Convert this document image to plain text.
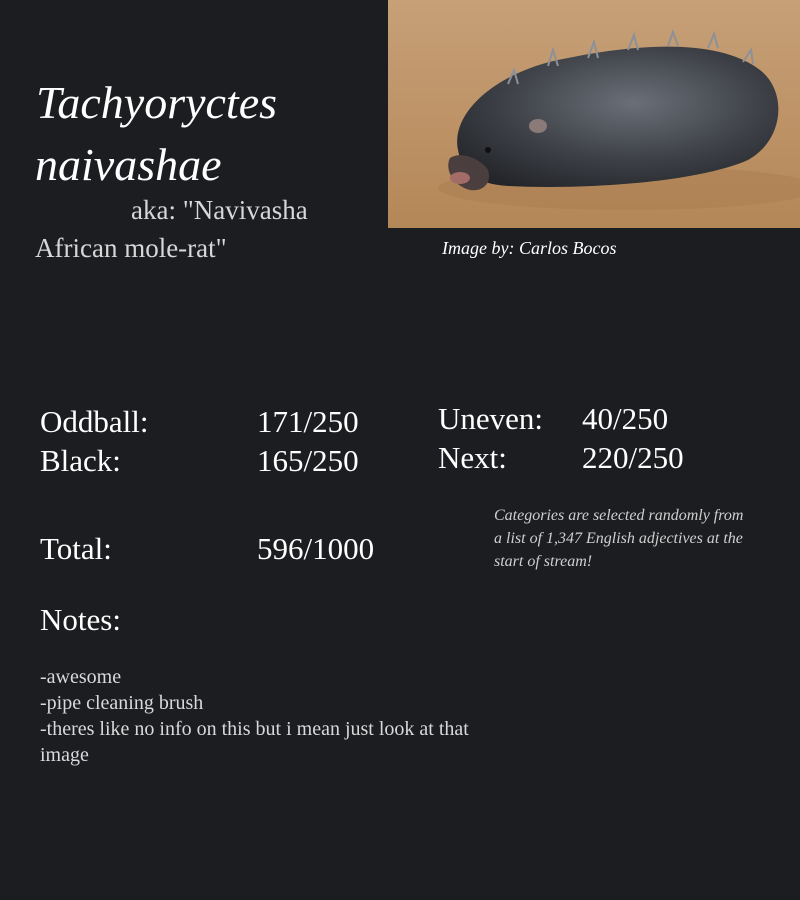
Tachyoryctes
naivashae
aka: "Navivasha
African mole-rat"	Image by: Carlos Bocos
Oddball:	171/250
Black:	165/250
Uneven: 40/250
Next: 220/250
Total:	596/1000
Categories are selected randomly from a list of 1,347 English adjectives at the start of stream!
Notes:
-awesome
-pipe cleaning brush
-theres like no info on this but i mean just look at that
image
